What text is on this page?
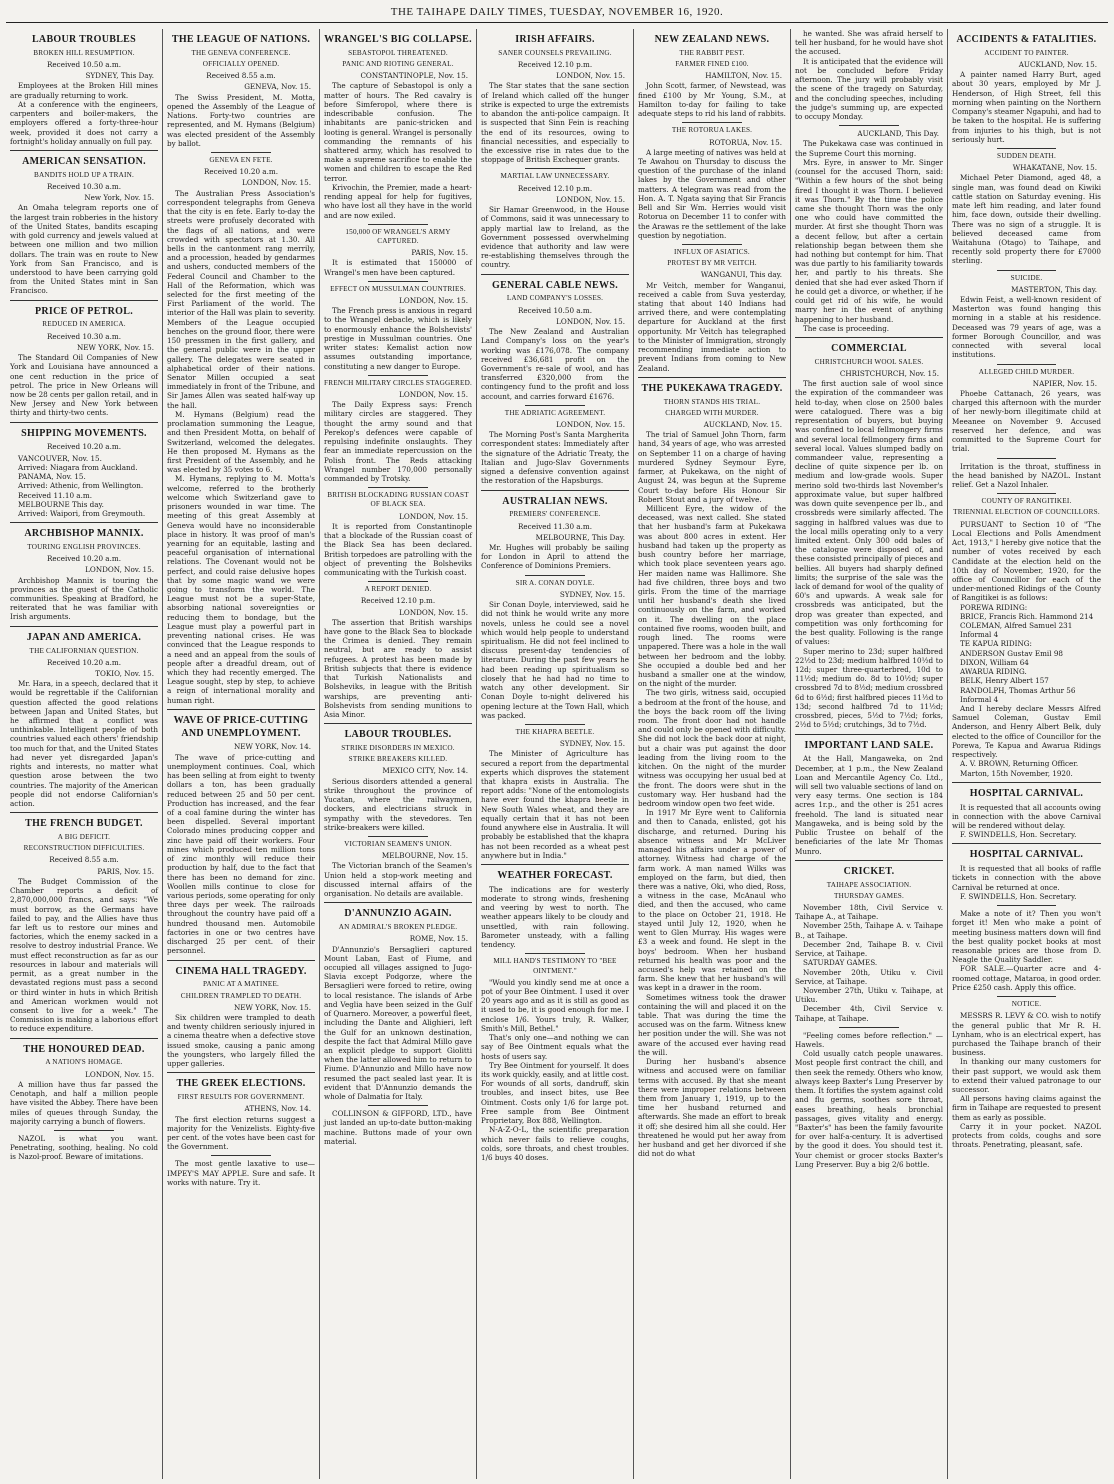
THE TAIHAPE DAILY TIMES, TUESDAY, NOVEMBER 16, 1920.
LABOUR TROUBLES
BROKEN HILL RESUMPTION.
Received 10.50 a.m.
SYDNEY, This Day.

Employees at the Broken Hill mines are gradually returning to work.

At a conference with the engineers, carpenters and boiler-makers, the employers offered a forty-three-hour week, provided it does not carry a fortnight's holiday annually on full pay.

AMERICAN SENSATION.
BANDITS HOLD UP A TRAIN.
Received 10.30 a.m.
New York, Nov. 15.

An Omaha telegram reports one of the largest train robberies in the history of the United States, bandits escaping with gold currency and jewels valued at between one million and two million dollars. The train was en route to New York from San Francisco, and is understood to have been carrying gold from the United States mint in San Francisco.

PRICE OF PETROL.
REDUCED IN AMERICA.
Received 10.30 a.m.
NEW YORK, Nov. 15.

The Standard Oil Companies of New York and Louisiana have announced a one cent reduction in the price of petrol. The price in New Orleans will now be 28 cents per gallon retail, and in New Jersey and New York between thirty and thirty-two cents.

SHIPPING MOVEMENTS.
Received 10.20 a.m.

VANCOUVER, Nov. 15.

Arrived: Niagara from Auckland.

PANAMA, Nov. 15.

Arrived: Athenic, from Wellington.

Received 11.10 a.m.

MELBOURNE This day.

Arrived: Waipori, from Greymouth.

ARCHBISHOP MANNIX.
TOURING ENGLISH PROVINCES.
Received 10.20 a.m.
LONDON, Nov. 15.

Archbishop Mannix is touring the provinces as the guest of the Catholic communities. Speaking at Bradford, he reiterated that he was familiar with Irish arguments.

JAPAN AND AMERICA.
THE CALIFORNIAN QUESTION.
Received 10.20 a.m.
TOKIO, Nov. 15.

Mr. Hara, in a speech, declared that it would be regrettable if the Californian question affected the good relations between Japan and United States, but he affirmed that a conflict was unthinkable. Intelligent people of both countries valued each others' friendship too much for that, and the United States had never yet disregarded Japan's rights and interests, no matter what question arose between the two countries. The majority of the American people did not endorse Californian's action.

THE FRENCH BUDGET.
A BIG DEFICIT.
RECONSTRUCTION DIFFICULTIES.
Received 8.55 a.m.
PARIS, Nov. 15.

The Budget Commission of the Chamber reports a deficit of 2,870,000,000 francs, and says: "We must borrow, as the Germans have failed to pay, and the Allies have thus far left us to restore our mines and factories, which the enemy sacked in a resolve to destroy industrial France. We must effect reconstruction as far as our resources in labour and materials will permit, as a great number in the devastated regions must pass a second or third winter in huts in which British and American workmen would not consent to live for a week." The Commission is making a laborious effort to reduce expenditure.

THE HONOURED DEAD.
A NATION'S HOMAGE.
LONDON, Nov. 15.

A million have thus far passed the Cenotaph, and half a million people have visited the Abbey. There have been miles of queues through Sunday, the majority carrying a bunch of flowers.

NAZOL is what you want. Penetrating, soothing, healing. No cold is Nazol-proof. Beware of imitations.

THE LEAGUE OF NATIONS.
THE GENEVA CONFERENCE.
OFFICIALLY OPENED.
Received 8.55 a.m.
GENEVA, Nov. 15.

The Swiss President, M. Motta, opened the Assembly of the League of Nations. Forty-two countries are represented, and M. Hymans (Belgium) was elected president of the Assembly by ballot.

GENEVA EN FETE.
Received 10.20 a.m.
LONDON, Nov. 15.

The Australian Press Association's correspondent telegraphs from Geneva that the city is en fete. Early to-day the streets were profusely decorated with the flags of all nations, and were crowded with spectators at 1.30. All bells in the cantonment rang merrily, and a procession, headed by gendarmes and ushers, conducted members of the Federal Council and Chamber to the Hall of the Reformation, which was selected for the first meeting of the First Parliament of the world. The interior of the Hall was plain to severity. Members of the League occupied benches on the ground floor, there were 150 pressmen in the first gallery, and the general public were in the upper gallery. The delegates were seated in alphabetical order of their nations. Senator Millen occupied a seat immediately in front of the Tribune, and Sir James Allen was seated half-way up the hall.

M. Hymans (Belgium) read the proclamation summoning the League, and then President Motta, on behalf of Switzerland, welcomed the delegates. He then proposed M. Hymans as the first President of the Assembly, and he was elected by 35 votes to 6.

M. Hymans, replying to M. Motta's welcome, referred to the brotherly welcome which Switzerland gave to prisoners wounded in war time. The meeting of this great Assembly at Geneva would have no inconsiderable place in history. It was proof of man's yearning for an equitable, lasting and peaceful organisation of international relations. The Covenant would not be perfect, and could raise delusive hopes that by some magic wand we were going to transform the world. The League must not be a super-State, absorbing national sovereignties or reducing them to bondage, but the League must play a powerful part in preventing national crises. He was convinced that the League responds to a need and an appeal from the souls of people after a dreadful dream, out of which they had recently emerged. The League sought, step by step, to achieve a reign of international morality and human right.

WAVE OF PRICE-CUTTING AND UNEMPLOYMENT.
NEW YORK, Nov. 14.

The wave of price-cutting and unemployment continues. Coal, which has been selling at from eight to twenty dollars a ton, has been gradually reduced between 25 and 50 per cent. Production has increased, and the fear of a coal famine during the winter has been dispelled. Several important Colorado mines producing copper and zinc have paid off their workers. Four mines which produced ten million tons of zinc monthly will reduce their production by half, due to the fact that there has been no demand for zinc. Woollen mills continue to close for various periods, some operating for only three days per week. The railroads throughout the country have paid off a hundred thousand men. Automobile factories in one or two centres have discharged 25 per cent. of their personnel.

CINEMA HALL TRAGEDY.
PANIC AT A MATINEE.
CHILDREN TRAMPLED TO DEATH.
NEW YORK, Nov. 15.

Six children were trampled to death and twenty children seriously injured in a cinema theatre when a defective stove issued smoke, causing a panic among the youngsters, who largely filled the upper galleries.

THE GREEK ELECTIONS.
FIRST RESULTS FOR GOVERNMENT.
ATHENS, Nov. 14.

The first election returns suggest a majority for the Venizelists. Eighty-five per cent. of the votes have been cast for the Government.

The most gentle laxative to use—IMPEY'S MAY APPLE. Sure and safe. It works with nature. Try it.

WRANGEL'S BIG COLLAPSE.
SEBASTOPOL THREATENED.
PANIC AND RIOTING GENERAL.
CONSTANTINOPLE, Nov. 15.

The capture of Sebastopol is only a matter of hours. The Red cavalry is before Simferopol, where there is indescribable confusion. The inhabitants are panic-stricken and looting is general. Wrangel is personally commanding the remnants of his shattered army, which has resolved to make a supreme sacrifice to enable the women and children to escape the Red terror.

Krivochin, the Premier, made a heart-rending appeal for help for fugitives, who have lost all they have in the world and are now exiled.

150,000 OF WRANGEL'S ARMY CAPTURED.
PARIS, Nov. 15.

It is estimated that 150000 of Wrangel's men have been captured.

EFFECT ON MUSSULMAN COUNTRIES.
LONDON, Nov. 15.

The French press is anxious in regard to the Wrangel debacle, which is likely to enormously enhance the Bolshevists' prestige in Mussulman countries. One writer states: Kemalist action now assumes outstanding importance, constituting a new danger to Europe.

FRENCH MILITARY CIRCLES STAGGERED.
LONDON, Nov. 15.

The Daily Express says: French military circles are staggered. They thought the army sound and that Perekop's defences were capable of repulsing indefinite onslaughts. They fear an immediate repercussion on the Polish front. The Reds attacking Wrangel number 170,000 personally commanded by Trotsky.

BRITISH BLOCKADING RUSSIAN COAST OF BLACK SEA.
LONDON, Nov. 15.

It is reported from Constantinople that a blockade of the Russian coast of the Black Sea has been declared. British torpedoes are patrolling with the object of preventing the Bolsheviks communicating with the Turkish coast.

A REPORT DENIED.
Received 12.10 p.m.
LONDON, Nov. 15.

The assertion that British warships have gone to the Black Sea to blockade the Crimea is denied. They remain neutral, but are ready to assist refugees. A protest has been made by British subjects that there is evidence that Turkish Nationalists and Bolsheviks, in league with the British warships, are preventing anti-Bolshevists from sending munitions to Asia Minor.

LABOUR TROUBLES.
STRIKE DISORDERS IN MEXICO.
STRIKE BREAKERS KILLED.
MEXICO CITY, Nov. 14.

Serious disorders attended a general strike throughout the province of Yucatan, where the railwaymen, dockers, and electricians struck in sympathy with the stevedores. Ten strike-breakers were killed.

VICTORIAN SEAMEN'S UNION.
MELBOURNE, Nov. 15.

The Victorian branch of the Seamen's Union held a stop-work meeting and discussed internal affairs of the organisation. No details are available.

D'ANNUNZIO AGAIN.
AN ADMIRAL'S BROKEN PLEDGE.
ROME, Nov. 15.

D'Annunzio's Bersaglieri captured Mount Laban, East of Fiume, and occupied all villages assigned to Jugo-Slavia except Podgorze, where the Bersaglieri were forced to retire, owing to local resistance. The islands of Arbe and Veglia have been seized in the Gulf of Quarnero. Moreover, a powerful fleet, including the Dante and Alighieri, left the Gulf for an unknown destination, despite the fact that Admiral Millo gave an explicit pledge to support Giolitti when the latter allowed him to return to Fiume. D'Annunzio and Millo have now resumed the pact sealed last year. It is evident that D'Annunzio demands the whole of Dalmatia for Italy.

COLLINSON & GIFFORD, LTD., have just landed an up-to-date button-making machine. Buttons made of your own material.

IRISH AFFAIRS.
SANER COUNSELS PREVAILING.
Received 12.10 p.m.
LONDON, Nov. 15.

The Star states that the sane section of Ireland which called off the hunger strike is expected to urge the extremists to abandon the anti-police campaign. It is suspected that Sinn Fein is reaching the end of its resources, owing to financial necessities, and especially to the excessive rise in rates due to the stoppage of British Exchequer grants.

MARTIAL LAW UNNECESSARY.
Received 12.10 p.m.
LONDON, Nov. 15.

Sir Hamar Greenwood, in the House of Commons, said it was unnecessary to apply martial law to Ireland, as the Government possessed overwhelming evidence that authority and law were re-establishing themselves through the country.

GENERAL CABLE NEWS.
LAND COMPANY'S LOSSES.
Received 10.50 a.m.
LONDON, Nov. 15.

The New Zealand and Australian Land Company's loss on the year's working was £176,078. The company received £36,681 profit on the Government's re-sale of wool, and has transferred £320,000 from the contingency fund to the profit and loss account, and carries forward £1676.

THE ADRIATIC AGREEMENT.
LONDON, Nov. 15.

The Morning Post's Santa Margherita correspondent states: Immediately after the signature of the Adriatic Treaty, the Italian and Jugo-Slav Governments signed a defensive convention against the restoration of the Hapsburgs.

AUSTRALIAN NEWS.
PREMIERS' CONFERENCE.
Received 11.30 a.m.
MELBOURNE, This Day.

Mr. Hughes will probably be sailing for London in April to attend the Conference of Dominions Premiers.

SIR A. CONAN DOYLE.
SYDNEY, Nov. 15.

Sir Conan Doyle, interviewed, said he did not think he would write any more novels, unless he could see a novel which would help people to understand spiritualism. He did not feel inclined to discuss present-day tendencies of literature. During the past few years he had been reading up spiritualism so closely that he had had no time to watch any other development. Sir Conan Doyle to-night delivered his opening lecture at the Town Hall, which was packed.

THE KHAPRA BEETLE.
SYDNEY, Nov. 15.

The Minister of Agriculture has secured a report from the departmental experts which disproves the statement that khapra exists in Australia. The report adds: "None of the entomologists have ever found the khapra beetle in New South Wales wheat, and they are equally certain that it has not been found anywhere else in Australia. It will probably be established that the khapra has not been recorded as a wheat pest anywhere but in India."

WEATHER FORECAST.

The indications are for westerly moderate to strong winds, freshening and veering by west to north. The weather appears likely to be cloudy and unsettled, with rain following. Barometer unsteady, with a falling tendency.

MILL HAND'S TESTIMONY TO "BEE OINTMENT."

"Would you kindly send me at once a pot of your Bee Ointment. I used it over 20 years ago and as it is still as good as it used to be, it is good enough for me. I enclose 1/6. Yours truly, R. Walker, Smith's Mill, Bethel."

That's only one—and nothing we can say of Bee Ointment equals what the hosts of users say.

Try Bee Ointment for yourself. It does its work quickly, easily, and at little cost. For wounds of all sorts, dandruff, skin troubles, and insect bites, use Bee Ointment. Costs only 1/6 for large pot. Free sample from Bee Ointment Proprietary, Box 888, Wellington.

N-A-Z-O-L, the scientific preparation which never fails to relieve coughs, colds, sore throats, and chest troubles. 1/6 buys 40 doses.

NEW ZEALAND NEWS.
THE RABBIT PEST.
FARMER FINED £100.
HAMILTON, Nov. 15.

John Scott, farmer, of Newstead, was fined £100 by Mr Young, S.M., at Hamilton to-day for failing to take adequate steps to rid his land of rabbits.

THE ROTORUA LAKES.
ROTORUA, Nov. 15.

A large meeting of natives was held at Te Awahou on Thursday to discuss the question of the purchase of the inland lakes by the Government and other matters. A telegram was read from the Hon. A. T. Ngata saying that Sir Francis Bell and Sir Wm. Herries would visit Rotorua on December 11 to confer with the Arawas re the settlement of the lake question by negotiation.

INFLUX OF ASIATICS.
PROTEST BY MR VEITCH.
WANGANUI, This day.

Mr Veitch, member for Wanganui, received a cable from Suva yesterday, stating that about 140 Indians had arrived there, and were contemplating departure for Auckland at the first opportunity. Mr Veitch has telegraphed to the Minister of Immigration, strongly recommending immediate action to prevent Indians from coming to New Zealand.

THE PUKEKAWA TRAGEDY.
THORN STANDS HIS TRIAL.
CHARGED WITH MURDER.
AUCKLAND, Nov. 15.

The trial of Samuel John Thorn, farm hand, 34 years of age, who was arrested on September 11 on a charge of having murdered Sydney Seymour Eyre, farmer, at Pukekawa, on the night of August 24, was begun at the Supreme Court to-day before His Honour Sir Robert Stout and a jury of twelve.

Millicent Eyre, the widow of the deceased, was next called. She stated that her husband's farm at Pukekawa was about 800 acres in extent. Her husband had taken up the property as bush country before her marriage, which took place seventeen years ago. Her maiden name was Hallimore. She had five children, three boys and two girls. From the time of the marriage until her husband's death she lived continuously on the farm, and worked on it. The dwelling on the place contained five rooms, wooden built, and rough lined. The rooms were unpapered. There was a hole in the wall between her bedroom and the lobby. She occupied a double bed and her husband a smaller one at the window, on the night of the murder.

The two girls, witness said, occupied a bedroom at the front of the house, and the boys the back room off the living room. The front door had not handle and could only be opened with difficulty. She did not lock the back door at night, but a chair was put against the door leading from the living room to the kitchen. On the night of the murder witness was occupying her usual bed at the front. The doors were shut in the customary way. Her husband had the bedroom window open two feet wide.

In 1917 Mr Eyre went to California and then to Canada, enlisted, got his discharge, and returned. During his absence witness and Mr McLiver managed his affairs under a power of attorney. Witness had charge of the farm work. A man named Wilks was employed on the farm, but died, then there was a native, Oki, who died, Ross, a witness in the case, McAnaul who died, and then the accused, who came to the place on October 21, 1918. He stayed until July 12, 1920, when he went to Glen Murray. His wages were £3 a week and found. He slept in the boys' bedroom. When her husband returned his health was poor and the accused's help was retained on the farm. She knew that her husband's will was kept in a drawer in the room.

Sometimes witness took the drawer containing the will and placed it on the table. That was during the time the accused was on the farm. Witness knew her position under the will. She was not aware of the accused ever having read the will.

During her husband's absence witness and accused were on familiar terms with accused. By that she meant there were improper relations between them from January 1, 1919, up to the time her husband returned and afterwards. She made an effort to break it off; she desired him all she could. Her threatened he would put her away from her husband and get her divorced if she did not do what

he wanted. She was afraid herself to tell her husband, for he would have shot the accused.

It is anticipated that the evidence will not be concluded before Friday afternoon. The jury will probably visit the scene of the tragedy on Saturday, and the concluding speeches, including the judge's summing up, are expected to occupy Monday.

AUCKLAND, This Day.

The Pukekawa case was continued in the Supreme Court this morning.

Mrs. Eyre, in answer to Mr. Singer (counsel for the accused Thorn, said: "Within a few hours of the shot being fired I thought it was Thorn. I believed it was Thorn." By the time the police came she thought Thorn was the only one who could have committed the murder. At first she thought Thorn was a decent fellow, but after a certain relationship began between them she had nothing but contempt for him. That was due partly to his familiarity towards her, and partly to his threats. She denied that she had ever asked Thorn if he could get a divorce, or whether, if he could get rid of his wife, he would marry her in the event of anything happening to her husband.

The case is proceeding.

COMMERCIAL
CHRISTCHURCH WOOL SALES.
CHRISTCHURCH, Nov. 15.

The first auction sale of wool since the expiration of the commandeer was held to-day, when close on 2500 bales were catalogued. There was a big representation of buyers, but buying was confined to local fellmongery firms and several local fellmongery firms and several local. Values slumped badly on commandeer value, representing a decline of quite sixpence per lb. on medium and low-grade wools. Super merino sold two-thirds last November's approximate value, but super halfbred was down quite sevenpence per lb., and crossbreds were similarly affected. The sagging in halfbred values was due to the local mills operating only to a very limited extent. Only 300 odd bales of the catalogue were disposed of, and these consisted principally of pieces and bellies. All buyers had sharply defined limits; the surprise of the sale was the lack of demand for wool of the quality of 60's and upwards. A weak sale for crossbreds was anticipated, but the drop was greater than expected, and competition was only forthcoming for the best quality. Following is the range of values:

Super merino to 23d; super halfbred 22½d to 23d; medium halfbred 10½d to 12d; super three-quarterbred, 10d to 11½d; medium do. 8d to 10½d; super crossbred 7d to 8½d; medium crossbred 6d to 6½d; first halfbred pieces 11½d to 13d; second halfbred 7d to 11½d; crossbred, pieces, 5½d to 7½d; forks, 2½d to 5½d; crutchings, 3d to 7½d.

IMPORTANT LAND SALE.

At the Hall, Mangaweka, on 2nd December, at 1 p.m., the New Zealand Loan and Mercantile Agency Co. Ltd., will sell two valuable sections of land on very easy terms. One section is 184 acres 1r.p., and the other is 251 acres freehold. The land is situated near Mangaweka, and is being sold by the Public Trustee on behalf of the beneficiaries of the late Mr Thomas Munro.

CRICKET.
TAIHAPE ASSOCIATION.
THURSDAY GAMES.

November 18th, Civil Service v. Taihape A., at Taihape.

November 25th, Taihape A. v. Taihape B., at Taihape.

December 2nd, Taihape B. v. Civil Service, at Taihape.

SATURDAY GAMES.

November 20th, Utiku v. Civil Service, at Taihape.

November 27th, Utiku v. Taihape, at Utiku.

December 4th, Civil Service v. Taihape, at Taihape.

"Feeling comes before reflection." —Hawels.

Cold usually catch people unawares. Most people first contract the chill, and then seek the remedy. Others who know, always keep Baxter's Lung Preserver by them. It fortifies the system against cold and flu germs, soothes sore throat, eases breathing, heals bronchial passages, gives vitality and energy. "Baxter's" has been the family favourite for over half-a-century. It is advertised by the good it does. You should test it. Your chemist or grocer stocks Baxter's Lung Preserver. Buy a big 2/6 bottle.

ACCIDENTS & FATALITIES.
ACCIDENT TO PAINTER.
AUCKLAND, Nov. 15.

A painter named Harry Burt, aged about 30 years, employed by Mr J. Henderson, of High Street, fell this morning when painting on the Northern Company's steamer Ngapuhi, and had to be taken to the hospital. He is suffering from injuries to his thigh, but is not seriously hurt.

SUDDEN DEATH.
WHAKATANE, Nov. 15.

Michael Peter Diamond, aged 48, a single man, was found dead on Kiwiki cattle station on Saturday evening. His mate left him reading, and later found him, face down, outside their dwelling. There was no sign of a struggle. It is believed deceased came from Waitahuna (Otago) to Taihape, and recently sold property there for £7000 sterling.

SUICIDE.
MASTERTON, This day.

Edwin Feist, a well-known resident of Masterton was found hanging this morning in a stable at his residence. Deceased was 79 years of age, was a former Borough Councillor, and was connected with several local institutions.

ALLEGED CHILD MURDER.
NAPIER, Nov. 15.

Phoebe Cattanach, 26 years, was charged this afternoon with the murder of her newly-born illegitimate child at Meeanee on November 9. Accused reserved her defence, and was committed to the Supreme Court for trial.

Irritation is the throat, stuffiness in the head banished by NAZOL. Instant relief. Get a Nazol Inhaler.

COUNTY OF RANGITIKEI.
TRIENNIAL ELECTION OF COUNCILLORS.

PURSUANT to Section 10 of "The Local Elections and Polls Amendment Act, 1913," I hereby give notice that the number of votes received by each Candidate at the election held on the 10th day of November, 1920, for the office of Councillor for each of the under-mentioned Ridings of the County of Rangitikei is as follows:

POREWA RIDING:

BRICE, Francis Rich. Hammond 214

COLEMAN, Alfred Samuel 231

Informal 4

TE KAPUA RIDING:

ANDERSON Gustav Emil 98

DIXON, William 64

AWARUA RIDING.

BELK, Henry Albert 157

RANDOLPH, Thomas Arthur 56

Informal 4

And I hereby declare Messrs Alfred Samuel Coleman, Gustav Emil Anderson, and Henry Albert Belk, duly elected to the office of Councillor for the Porewa, Te Kapua and Awarua Ridings respectively.

A. V. BROWN, Returning Officer.

Marton, 15th November, 1920.

HOSPITAL CARNIVAL.

It is requested that all accounts owing in connection with the above Carnival will be rendered without delay.

F. SWINDELLS, Hon. Secretary.

HOSPITAL CARNIVAL.

It is requested that all books of raffle tickets in connection with the above Carnival be returned at once.

F. SWINDELLS, Hon. Secretary.

Make a note of it? Then you won't forget it! Men who make a point of meeting business matters down will find the best quality pocket books at most reasonable prices are those from D. Neagle the Quality Saddler.

FOR SALE.—Quarter acre and 4-roomed cottage, Mataroa, in good order. Price £250 cash. Apply this office.

NOTICE.

MESSRS R. LEVY & CO. wish to notify the general public that Mr R. H. Lynham, who is an electrical expert, has purchased the Taihape branch of their business.

In thanking our many customers for their past support, we would ask them to extend their valued patronage to our successor.

All persons having claims against the firm in Taihape are requested to present them as early as possible.

Carry it in your pocket. NAZOL protects from colds, coughs and sore throats. Penetrating, pleasant, safe.
